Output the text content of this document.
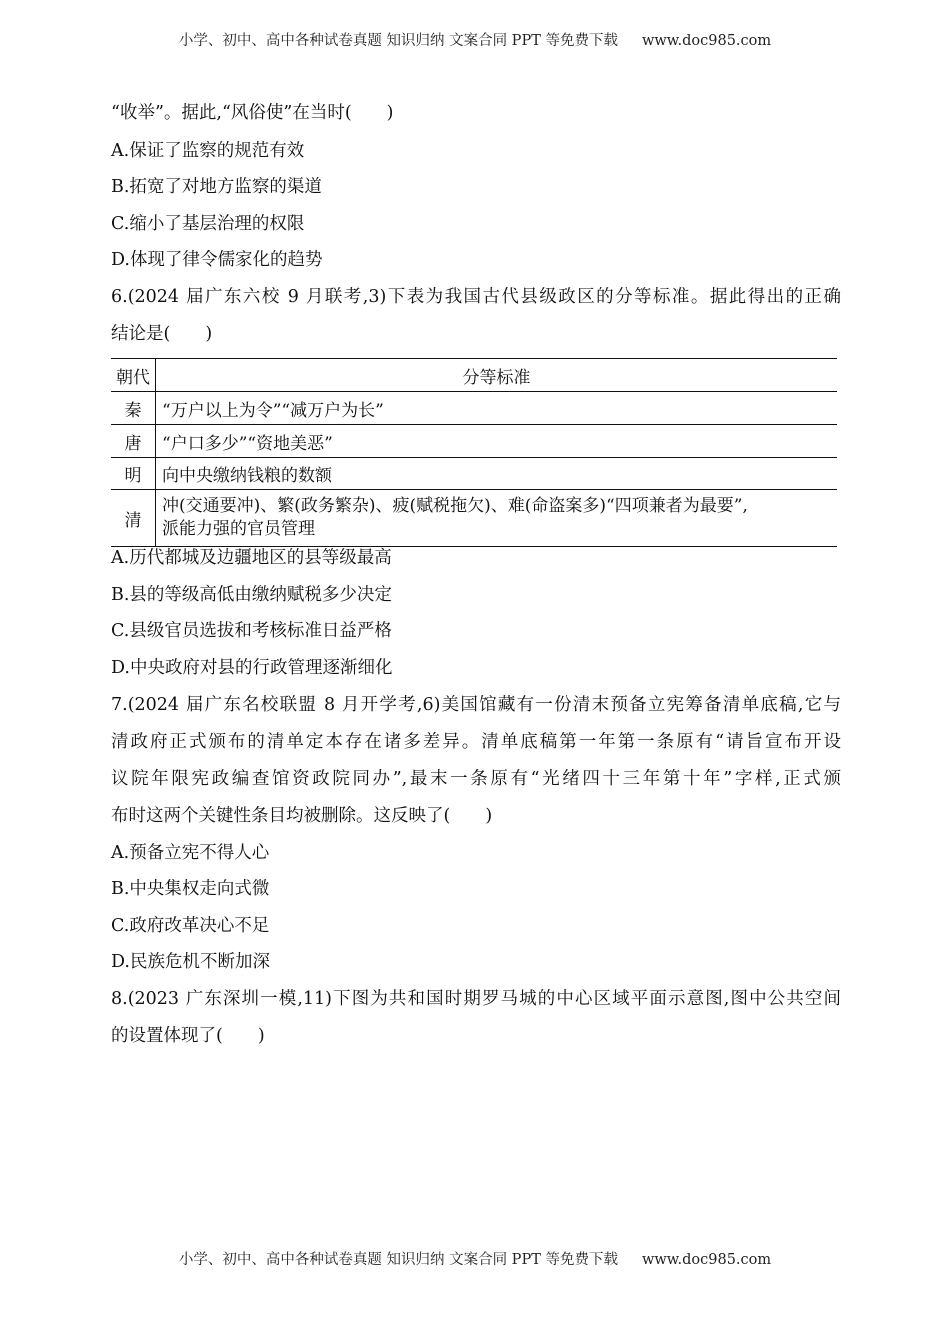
小学、初中、高中各种试卷真题 知识归纳 文案合同 PPT 等免费下载 www.doc985.com
“收举”。据此,“风俗使”在当时(　　)
A.保证了监察的规范有效
B.拓宽了对地方监察的渠道
C.缩小了基层治理的权限
D.体现了律令儒家化的趋势
6.(2024 届广东六校 9 月联考,3)下表为我国古代县级政区的分等标准。据此得出的正确
结论是(　　)
朝代	分等标准
秦	“万户以上为令”“减万户为长”
唐	“户口多少”“资地美恶”
明	向中央缴纳钱粮的数额
清	冲(交通要冲)、繁(政务繁杂)、疲(赋税拖欠)、难(命盗案多)“四项兼者为最要”,
派能力强的官员管理
A.历代都城及边疆地区的县等级最高
B.县的等级高低由缴纳赋税多少决定
C.县级官员选拔和考核标准日益严格
D.中央政府对县的行政管理逐渐细化
7.(2024 届广东名校联盟 8 月开学考,6)美国馆藏有一份清末预备立宪筹备清单底稿,它与
清政府正式颁布的清单定本存在诸多差异。清单底稿第一年第一条原有“请旨宣布开设
议院年限宪政编查馆资政院同办”,最末一条原有“光绪四十三年第十年”字样,正式颁
布时这两个关键性条目均被删除。这反映了(　　)
A.预备立宪不得人心
B.中央集权走向式微
C.政府改革决心不足
D.民族危机不断加深
8.(2023 广东深圳一模,11)下图为共和国时期罗马城的中心区域平面示意图,图中公共空间
的设置体现了(　　)
小学、初中、高中各种试卷真题 知识归纳 文案合同 PPT 等免费下载 www.doc985.com
